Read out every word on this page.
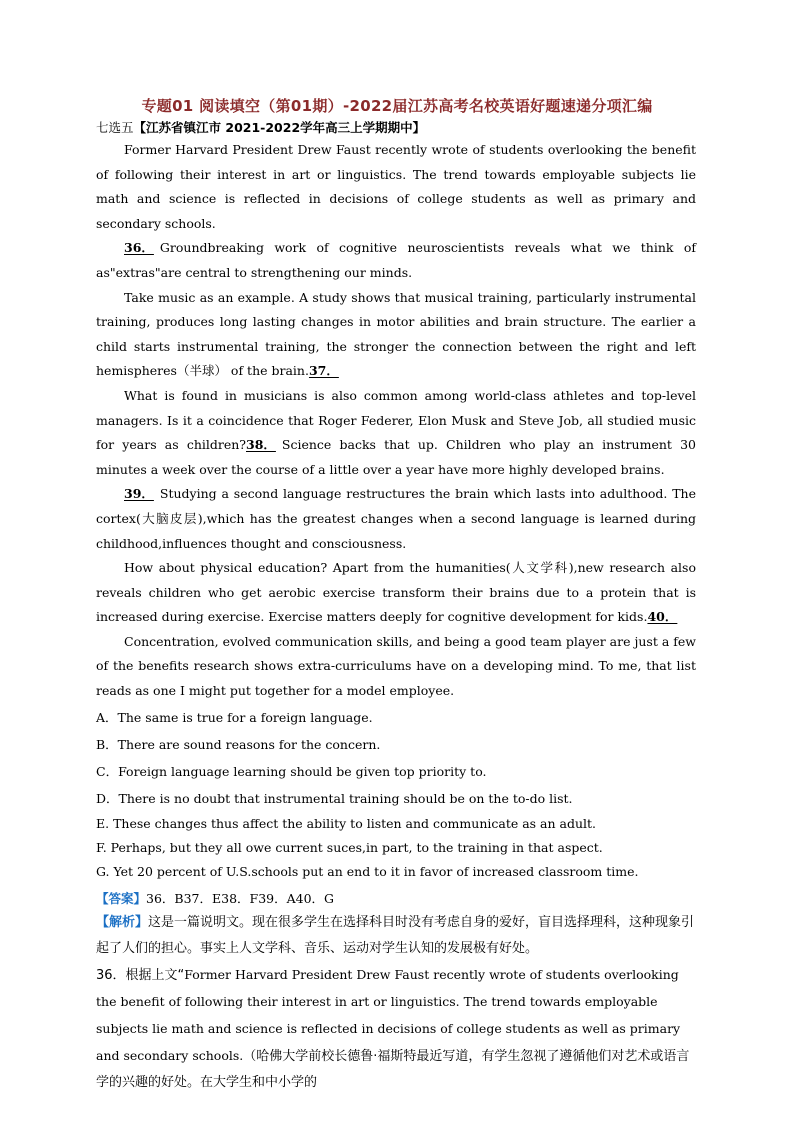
专题01 阅读填空（第01期）-2022届江苏高考名校英语好题速递分项汇编

七选五【江苏省镇江市 2021-2022学年高三上学期期中】

Former Harvard President Drew Faust recently wrote of students overlooking the benefit of following their interest in art or linguistics. The trend towards employable subjects lie math and science is reflected in decisions of college students as well as primary and secondary schools.

36． Groundbreaking work of cognitive neuroscientists reveals what we think of as"extras"are central to strengthening our minds.

Take music as an example. A study shows that musical training, particularly instrumental training, produces long lasting changes in motor abilities and brain structure. The earlier a child starts instrumental training, the stronger the connection between the right and left hemispheres（半球） of the brain.37．

What is found in musicians is also common among world-class athletes and top-level managers. Is it a coincidence that Roger Federer, Elon Musk and Steve Job, all studied music for years as children?38． Science backs that up. Children who play an instrument 30 minutes a week over the course of a little over a year have more highly developed brains.

39． Studying a second language restructures the brain which lasts into adulthood. The cortex(大脑皮层),which has the greatest changes when a second language is learned during childhood,influences thought and consciousness.

How about physical education? Apart from the humanities(人文学科),new research also reveals children who get aerobic exercise transform their brains due to a protein that is increased during exercise. Exercise matters deeply for cognitive development for kids.40．

Concentration, evolved communication skills, and being a good team player are just a few of the benefits research shows extra-curriculums have on a developing mind. To me, that list reads as one I might put together for a model employee.

A．The same is true for a foreign language.

B．There are sound reasons for the concern.

C．Foreign language learning should be given top priority to.

D．There is no doubt that instrumental training should be on the to-do list.

E. These changes thus affect the ability to listen and communicate as an adult.

F. Perhaps, but they all owe current suces,in part, to the training in that aspect.

G. Yet 20 percent of U.S.schools put an end to it in favor of increased classroom time.

【答案】36．B37．E38．F39．A40．G

【解析】这是一篇说明文。现在很多学生在选择科目时没有考虑自身的爱好，盲目选择理科，这种现象引起了人们的担心。事实上人文学科、音乐、运动对学生认知的发展极有好处。

36．根据上文“Former Harvard President Drew Faust recently wrote of students overlooking the benefit of following their interest in art or linguistics. The trend towards employable subjects lie math and science is reflected in decisions of college students as well as primary and secondary schools.（哈佛大学前校长德鲁·福斯特最近写道，有学生忽视了遵循他们对艺术或语言学的兴趣的好处。在大学生和中小学的
